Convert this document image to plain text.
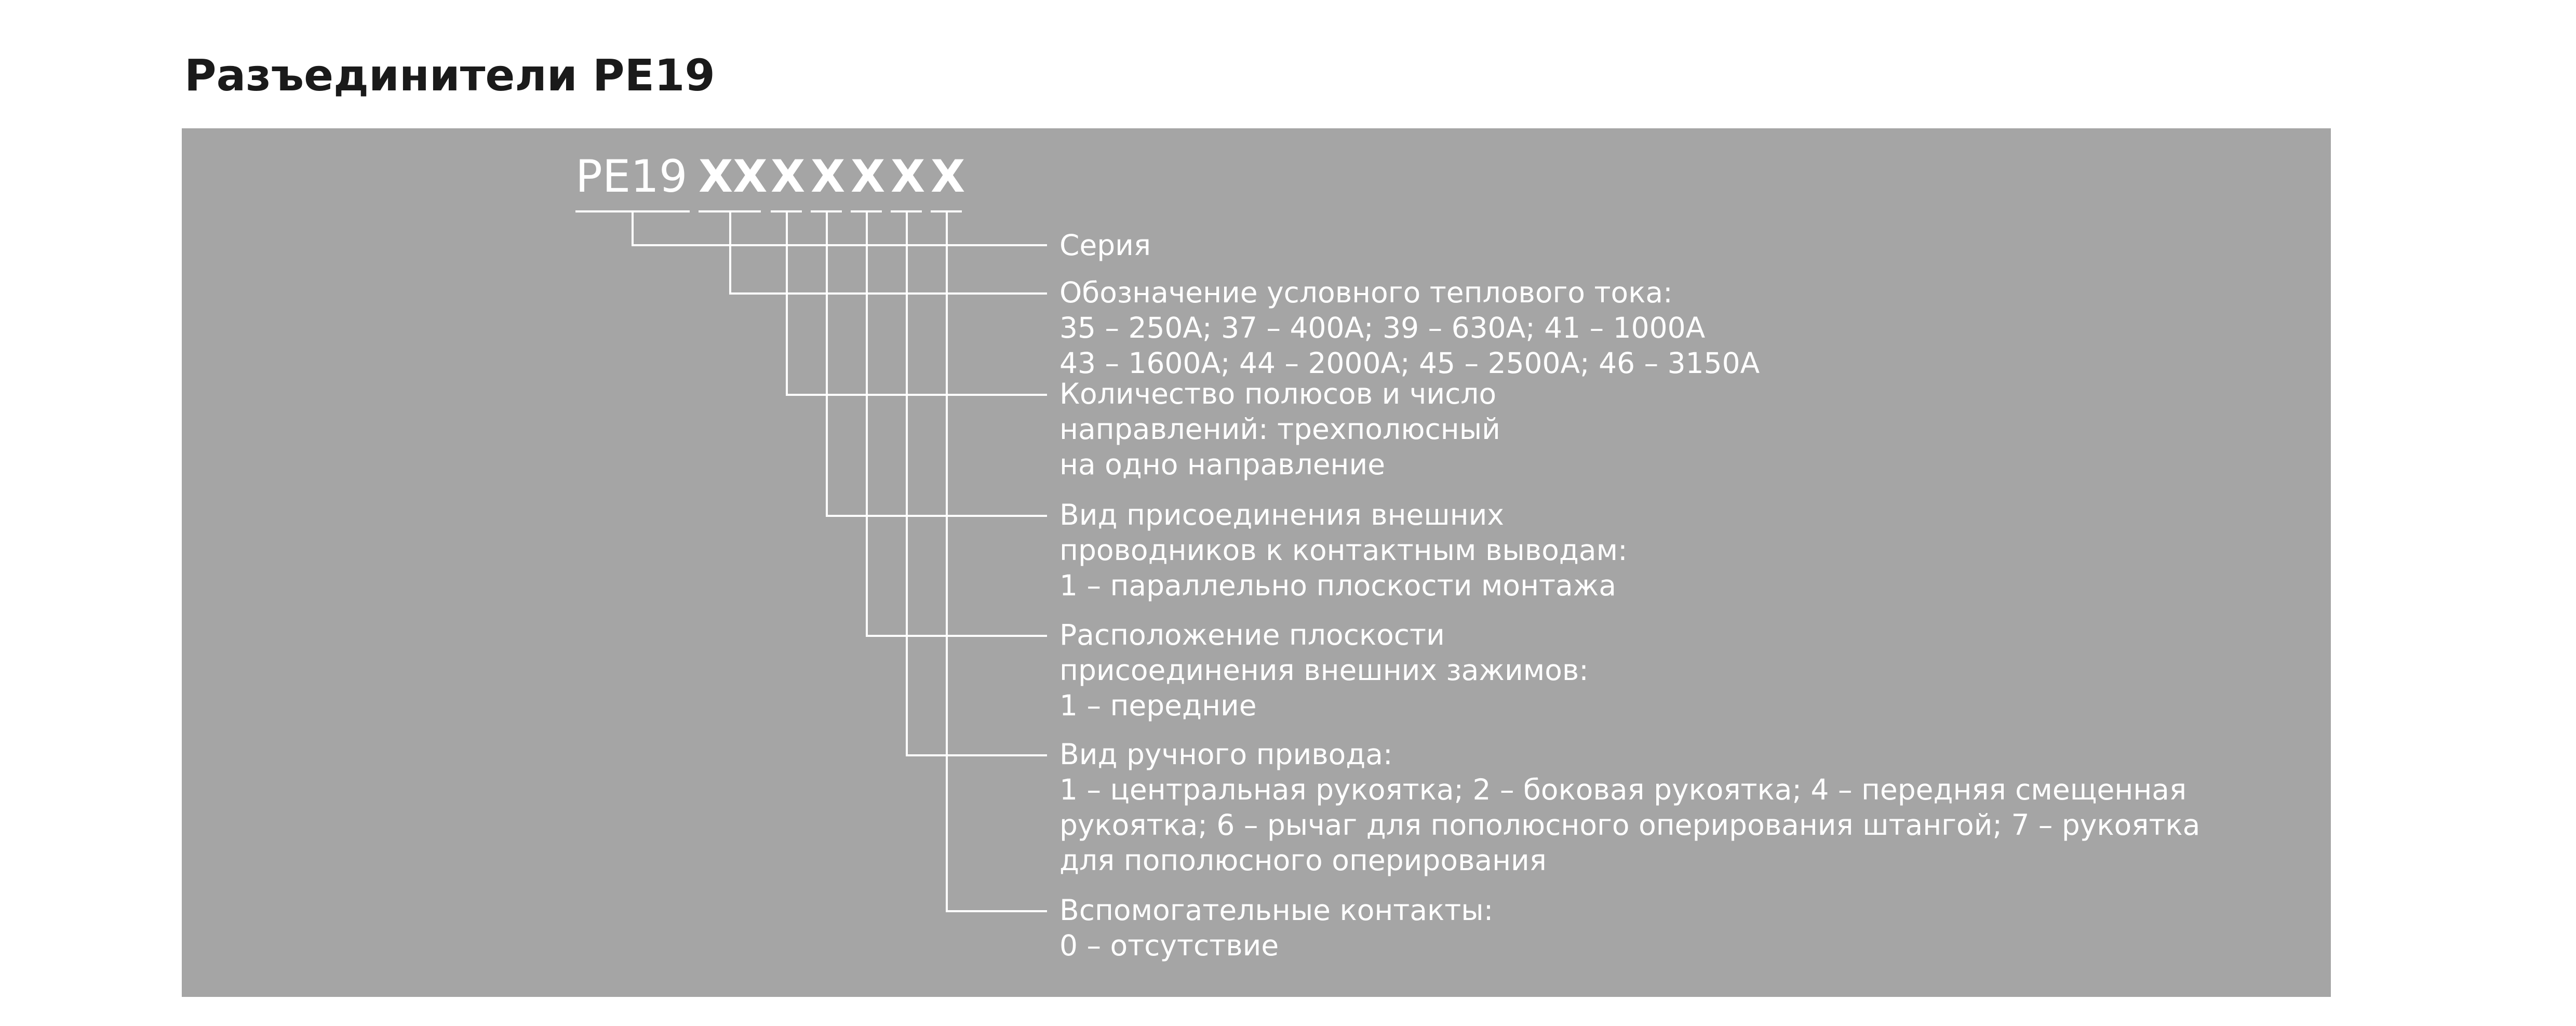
Разъединители РЕ19
РЕ19 XX X X X X X
Серия
Обозначение условного теплового тока:
35 – 250А; 37 – 400А; 39 – 630А; 41 – 1000А
43 – 1600А; 44 – 2000А; 45 – 2500А; 46 – 3150А
Количество полюсов и число
направлений: трехполюсный
на одно направление
Вид присоединения внешних
проводников к контактным выводам:
1 – параллельно плоскости монтажа
Расположение плоскости
присоединения внешних зажимов:
1 – передние
Вид ручного привода:
1 – центральная рукоятка; 2 – боковая рукоятка; 4 – передняя смещенная
рукоятка; 6 – рычаг для пополюсного оперирования штангой; 7 – рукоятка
для пополюсного оперирования
Вспомогательные контакты:
0 – отсутствие
